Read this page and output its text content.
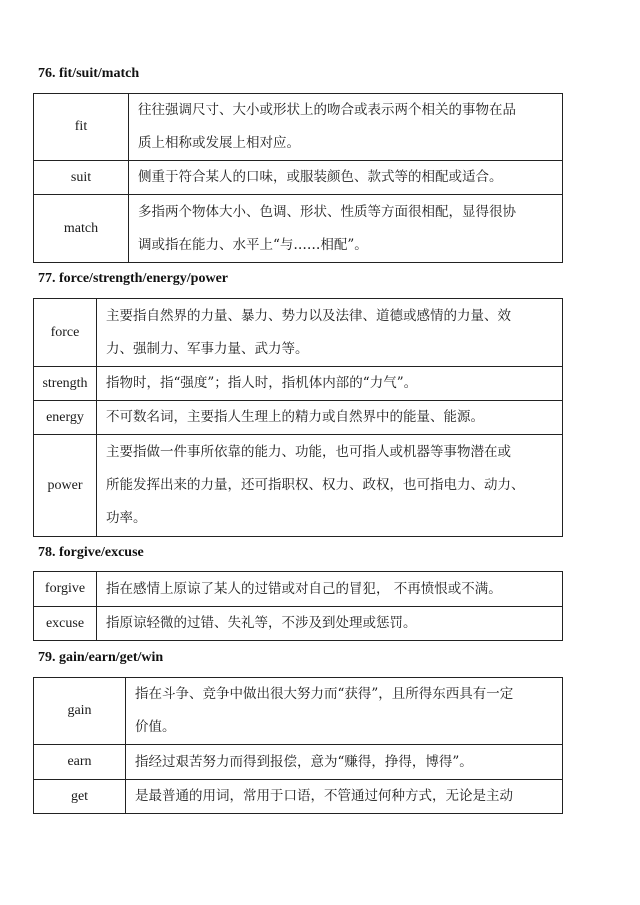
76. fit/suit/match
fit	往往强调尺寸、大小或形状上的吻合或表示两个相关的事物在品
质上相称或发展上相对应。

suit	侧重于符合某人的口味，或服装颜色、款式等的相配或适合。

match	多指两个物体大小、色调、形状、性质等方面很相配，显得很协
调或指在能力、水平上“与……相配”。
77. force/strength/energy/power
force	主要指自然界的力量、暴力、势力以及法律、道德或感情的力量、效
力、强制力、军事力量、武力等。

strength	指物时，指“强度”；指人时，指机体内部的“力气”。

energy	不可数名词，主要指人生理上的精力或自然界中的能量、能源。

power	主要指做一件事所依靠的能力、功能，也可指人或机器等事物潜在或
所能发挥出来的力量，还可指职权、权力、政权，也可指电力、动力、
功率。
78. forgive/excuse
forgive	指在感情上原谅了某人的过错或对自己的冒犯， 不再愤恨或不满。

excuse	指原谅轻微的过错、失礼等，不涉及到处理或惩罚。
79. gain/earn/get/win
gain	指在斗争、竞争中做出很大努力而“获得”，且所得东西具有一定
价值。

earn	指经过艰苦努力而得到报偿，意为“赚得，挣得，博得”。

get	是最普通的用词，常用于口语，不管通过何种方式，无论是主动
